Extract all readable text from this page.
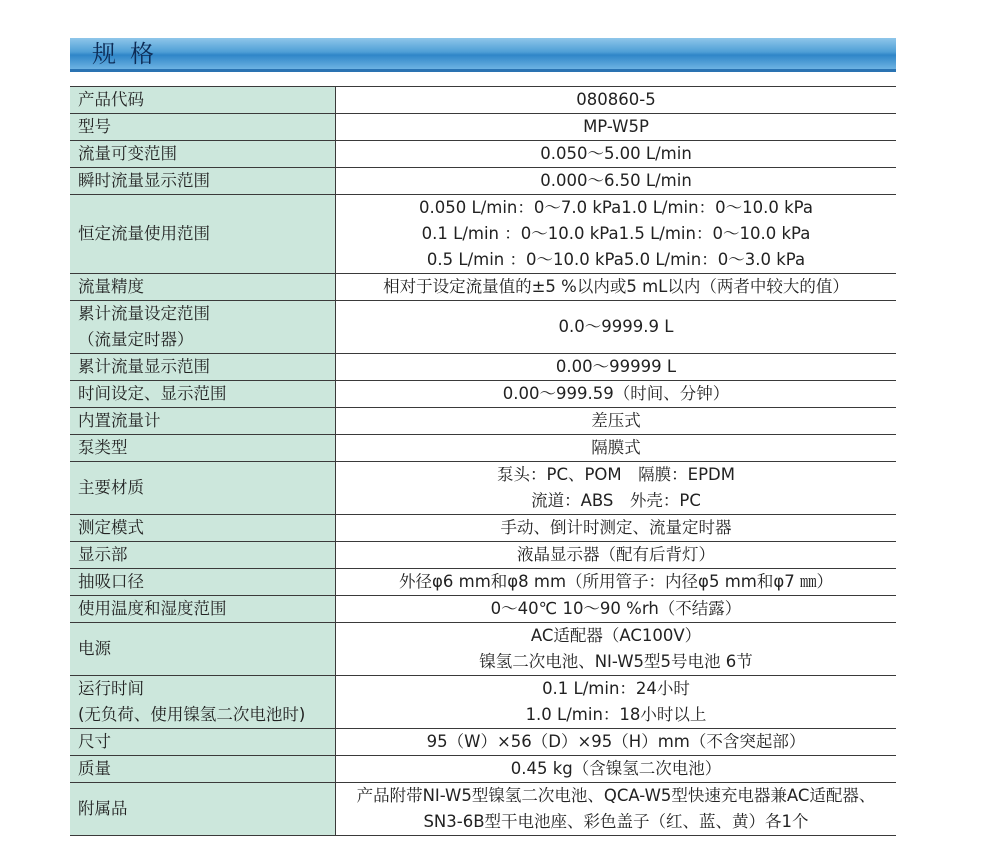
规格
产品代码	080860-5

型号	MP-W5P

流量可变范围	0.050～5.00 L/min

瞬时流量显示范围	0.000～6.50 L/min

恒定流量使用范围	0.050 L/min：0～7.0 kPa1.0 L/min：0～10.0 kPa
0.1 L/min ：0～10.0 kPa1.5 L/min：0～10.0 kPa
0.5 L/min ：0～10.0 kPa5.0 L/min：0～3.0 kPa

流量精度	相对于设定流量值的±5 %以内或5 mL以内（两者中较大的值）

累计流量设定范围
（流量定时器）	0.0～9999.9 L

累计流量显示范围	0.00～99999 L

时间设定、显示范围	0.00～999.59（时间、分钟）

内置流量计	差压式

泵类型	隔膜式

主要材质	泵头：PC、POM　隔膜：EPDM
流道：ABS　外壳：PC

测定模式	手动、倒计时测定、流量定时器

显示部	液晶显示器（配有后背灯）

抽吸口径	外径φ6 mm和φ8 mm（所用管子：内径φ5 mm和φ7 ㎜）

使用温度和湿度范围	0～40℃ 10～90 %rh（不结露）

电源	AC适配器（AC100V）
镍氢二次电池、NI-W5型5号电池 6节

运行时间
(无负荷、使用镍氢二次电池时)	0.1 L/min：24小时
1.0 L/min：18小时以上

尺寸	95（W）×56（D）×95（H）mm（不含突起部）

质量	0.45 kg（含镍氢二次电池）

附属品	产品附带NI-W5型镍氢二次电池、QCA-W5型快速充电器兼AC适配器、
SN3-6B型干电池座、彩色盖子（红、蓝、黄）各1个
